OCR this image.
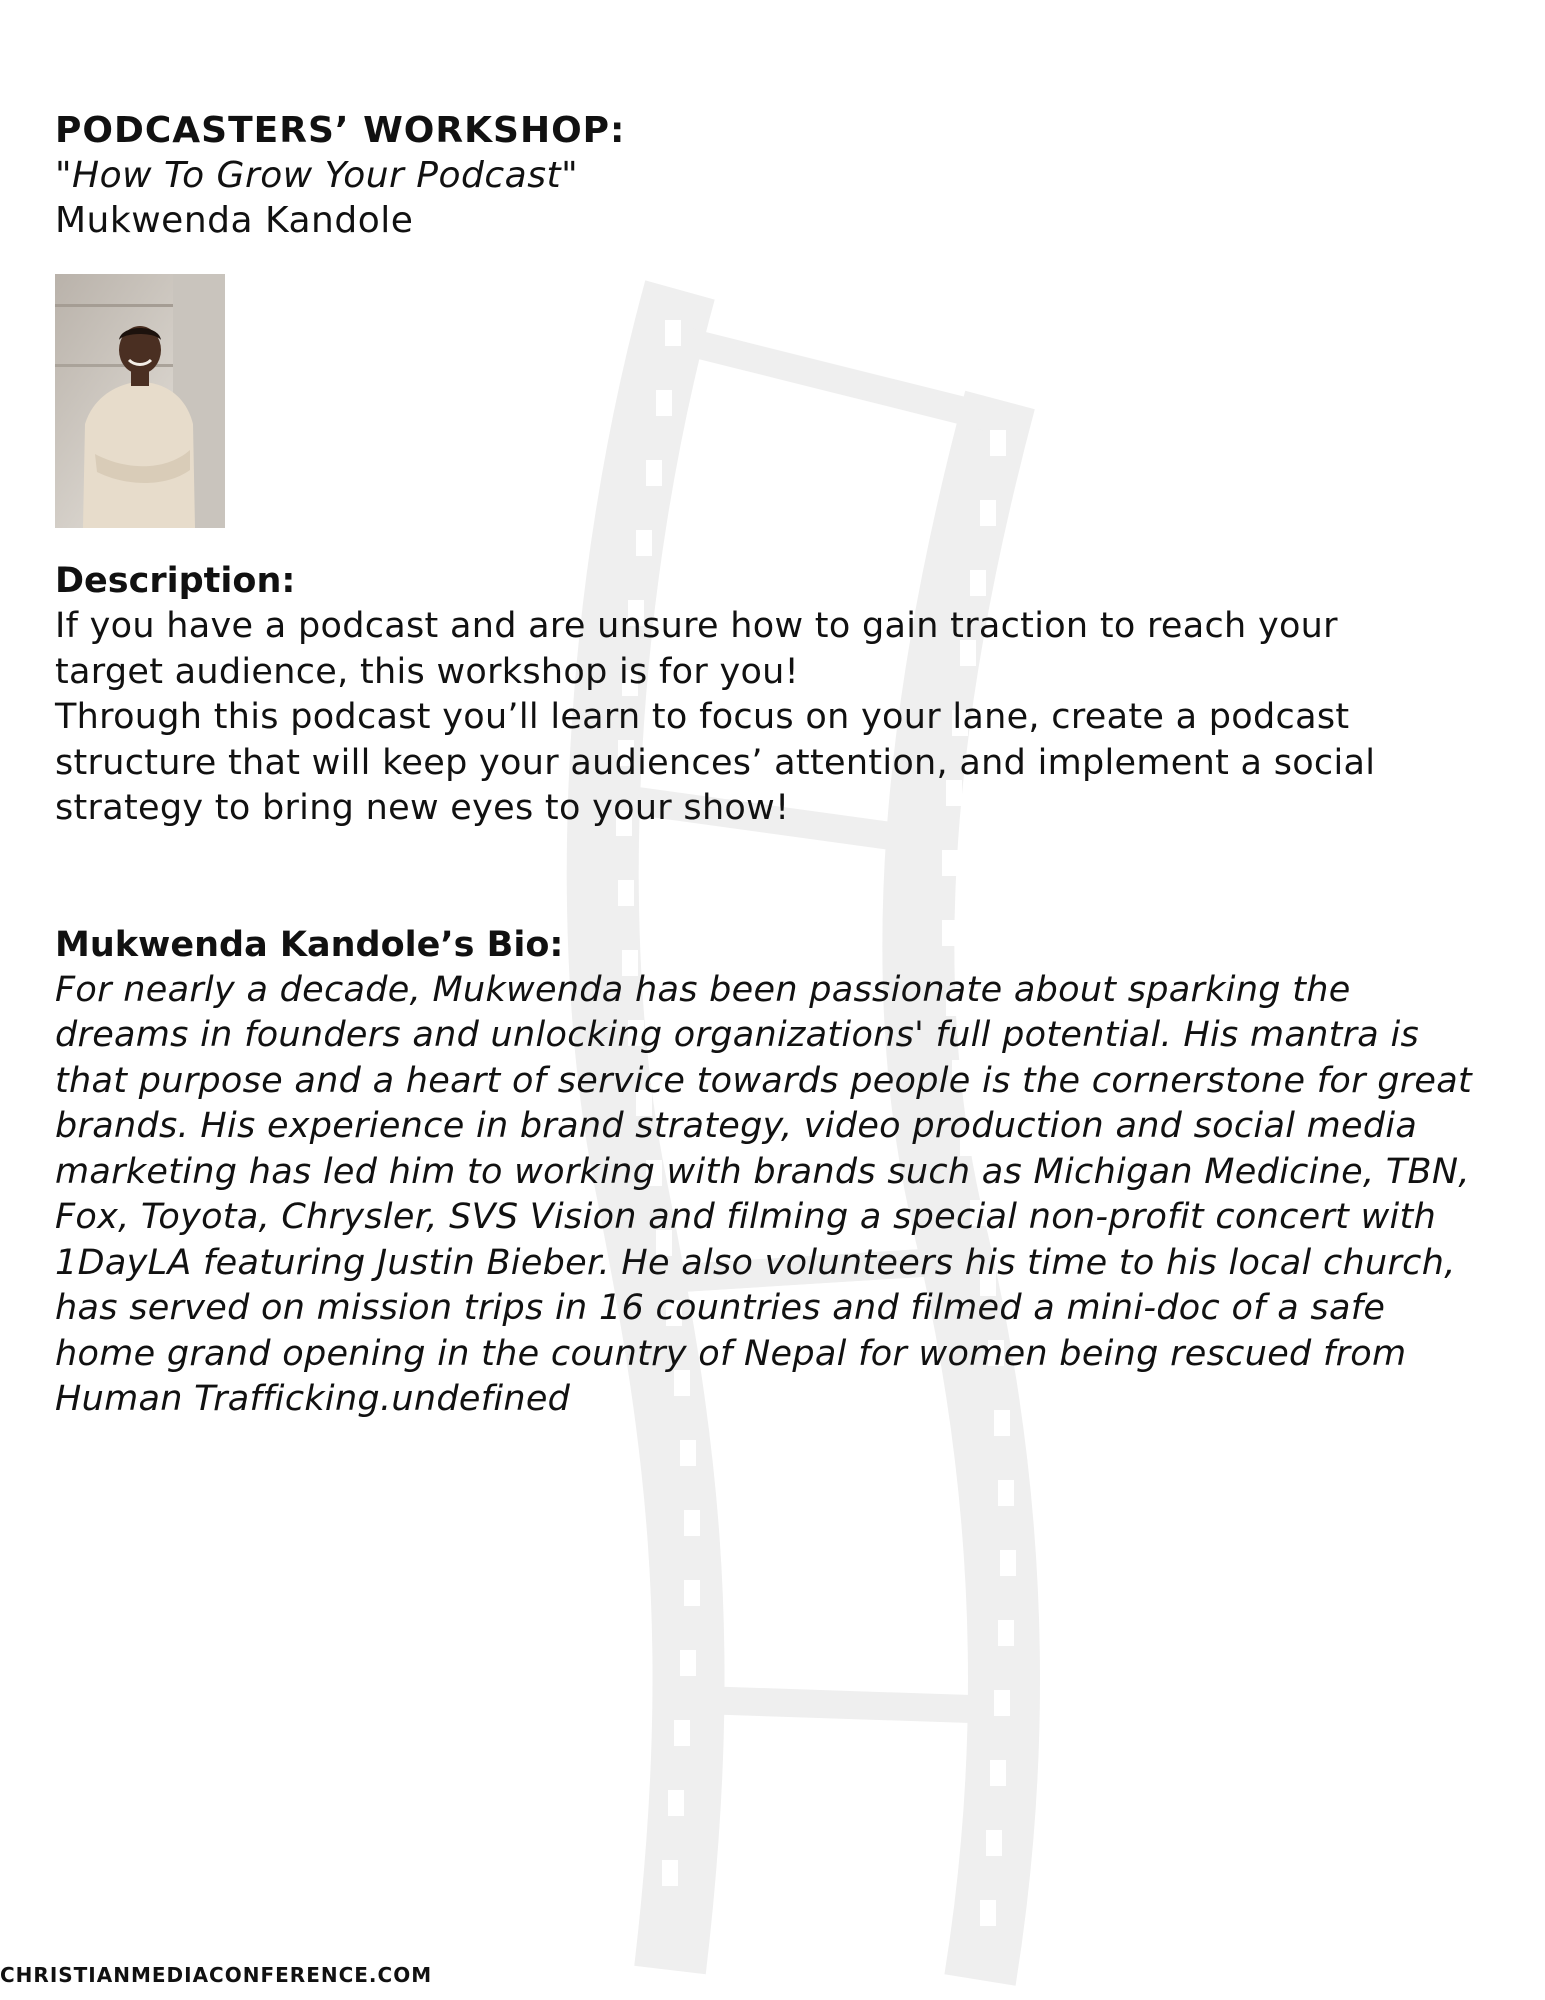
PODCASTERS’ WORKSHOP:

"How To Grow Your Podcast"

Mukwenda Kandole

Description:

If you have a podcast and are unsure how to gain traction to reach your

target audience, this workshop is for you!

Through this podcast you’ll learn to focus on your lane, create a podcast

structure that will keep your audiences’ attention, and implement a social

strategy to bring new eyes to your show!

Mukwenda Kandole’s Bio:

For nearly a decade, Mukwenda has been passionate about sparking the

dreams in founders and unlocking organizations' full potential. His mantra is

that purpose and a heart of service towards people is the cornerstone for great

brands. His experience in brand strategy, video production and social media

marketing has led him to working with brands such as Michigan Medicine, TBN,

Fox, Toyota, Chrysler, SVS Vision and filming a special non-profit concert with

1DayLA featuring Justin Bieber. He also volunteers his time to his local church,

has served on mission trips in 16 countries and filmed a mini-doc of a safe

home grand opening in the country of Nepal for women being rescued from

Human Trafficking.undefined

CHRISTIANMEDIACONFERENCE.COM
